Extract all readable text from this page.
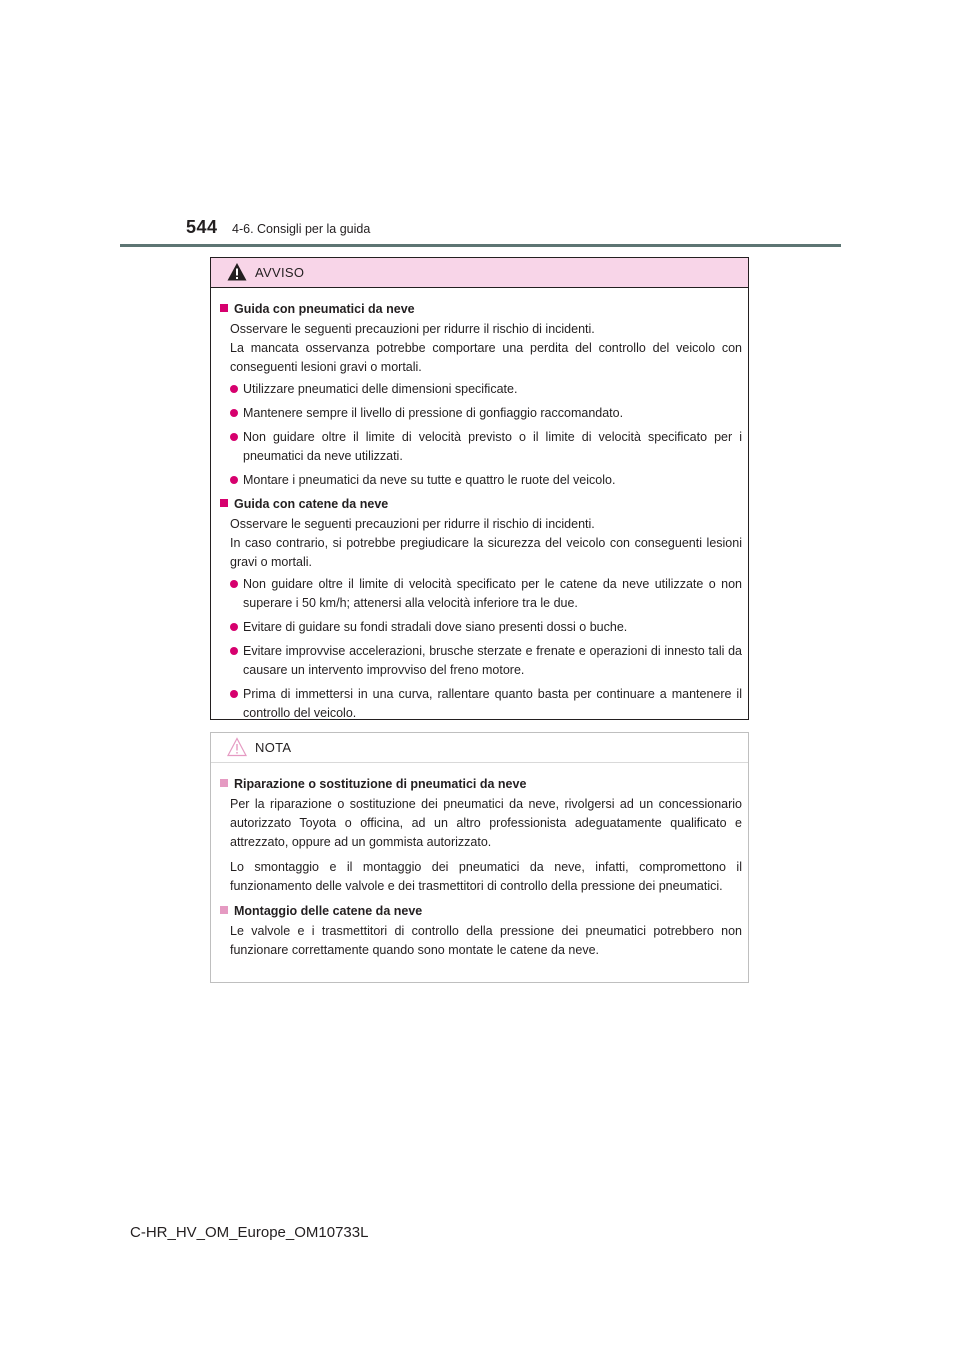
544 4-6. Consigli per la guida
AVVISO
Guida con pneumatici da neve
Osservare le seguenti precauzioni per ridurre il rischio di incidenti.
La mancata osservanza potrebbe comportare una perdita del controllo del veicolo con conseguenti lesioni gravi o mortali.
Utilizzare pneumatici delle dimensioni specificate.
Mantenere sempre il livello di pressione di gonfiaggio raccomandato.
Non guidare oltre il limite di velocità previsto o il limite di velocità specificato per i pneumatici da neve utilizzati.
Montare i pneumatici da neve su tutte e quattro le ruote del veicolo.
Guida con catene da neve
Osservare le seguenti precauzioni per ridurre il rischio di incidenti.
In caso contrario, si potrebbe pregiudicare la sicurezza del veicolo con conseguenti lesioni gravi o mortali.
Non guidare oltre il limite di velocità specificato per le catene da neve utilizzate o non superare i 50 km/h; attenersi alla velocità inferiore tra le due.
Evitare di guidare su fondi stradali dove siano presenti dossi o buche.
Evitare improvvise accelerazioni, brusche sterzate e frenate e operazioni di innesto tali da causare un intervento improvviso del freno motore.
Prima di immettersi in una curva, rallentare quanto basta per continuare a mantenere il controllo del veicolo.
NOTA
Riparazione o sostituzione di pneumatici da neve
Per la riparazione o sostituzione dei pneumatici da neve, rivolgersi ad un concessionario autorizzato Toyota o officina, ad un altro professionista adeguatamente qualificato e attrezzato, oppure ad un gommista autorizzato.
Lo smontaggio e il montaggio dei pneumatici da neve, infatti, compromettono il funzionamento delle valvole e dei trasmettitori di controllo della pressione dei pneumatici.
Montaggio delle catene da neve
Le valvole e i trasmettitori di controllo della pressione dei pneumatici potrebbero non funzionare correttamente quando sono montate le catene da neve.
C-HR_HV_OM_Europe_OM10733L
